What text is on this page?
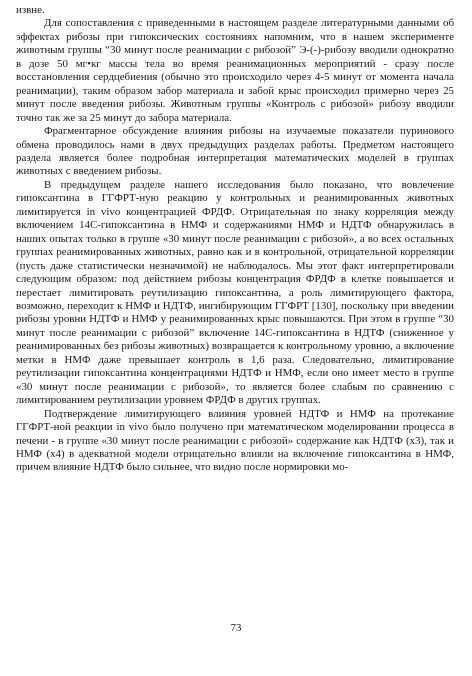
извне.

Для сопоставления с приведенными в настоящем разделе литературными данными об эффектах рибозы при гипоксических состояниях напомним, что в нашем эксперименте животным группы “30 минут после реанимации с рибозой” Э-(-)-рибозу вводили однократно в дозе 50 мг•кг массы тела во время реанимационных мероприятий - сразу после восстановления сердцебиения (обычно это происходило через 4-5 минут от момента начала реанимации), таким образом забор материала и забой крыс происходил примерно через 25 минут после введения рибозы. Животным группы «Контроль с рибозой» рибозу вводили точно так же за 25 минут до забора материала.

Фрагментарное обсуждение влияния рибозы на изучаемые показатели пуринового обмена проводилось нами в двух предыдущих разделах работы. Предметом настоящего раздела является более подробная интерпретация математических моделей в группах животных с введением рибозы.

В предыдущем разделе нашего исследования было показано, что вовлечение гипоксантина в ГГФРТ-ную реакцию у контрольных и реанимированных животных лимитируется in vivo концентрацией ФРДФ. Отрицательная по знаку корреляция между включением 14С-гипоксантина в НМФ и содержаниями НМФ и НДТФ обнаружилась в наших опытах только в группе «30 минут после реанимации с рибозой», а во всех остальных группах реанимированных животных, равно как и в контрольной, отрицательной корреляции (пусть даже статистически незначимой) не наблюдалось. Мы этот факт интерпретировали следующим образом: под действием рибозы концентрация ФРДФ в клетке повышается и перестает лимитировать реутилизацию гипоксантина, а роль лимитирующего фактора, возможно, переходит к НМФ и НДТФ, ингибирующим ГГФРТ [130], поскольку при введении рибозы уровни НДТФ и НМФ у реанимированных крыс повышаются. При этом в группе “30 минут после реанимации с рибозой” включение 14С-гипоксантина в НДТФ (сниженное у реанимированных без рибозы животных) возвращается к контрольному уровню, а включение метки в НМФ даже превышает контроль в 1,6 раза. Следовательно, лимитирование реутилизации гипоксантина концентрациями НДТФ и НМФ, если оно имеет место в группе «30 минут после реанимации с рибозой», то является более слабым по сравнению с лимитированием реутилизации уровнем ФРДФ в других группах.

Подтверждение лимитирующего влияния уровней НДТФ и НМФ на протекание ГГФРТ-ной реакции in vivo было получено при математическом моделировании процесса в печени - в группе «30 минут после реанимации с рибозой» содержание как НДТФ (x3), так и НМФ (x4) в адекватной модели отрицательно влияли на включение гипоксантина в НМФ, причем влияние НДТФ было сильнее, что видно после нормировки мо-

73
